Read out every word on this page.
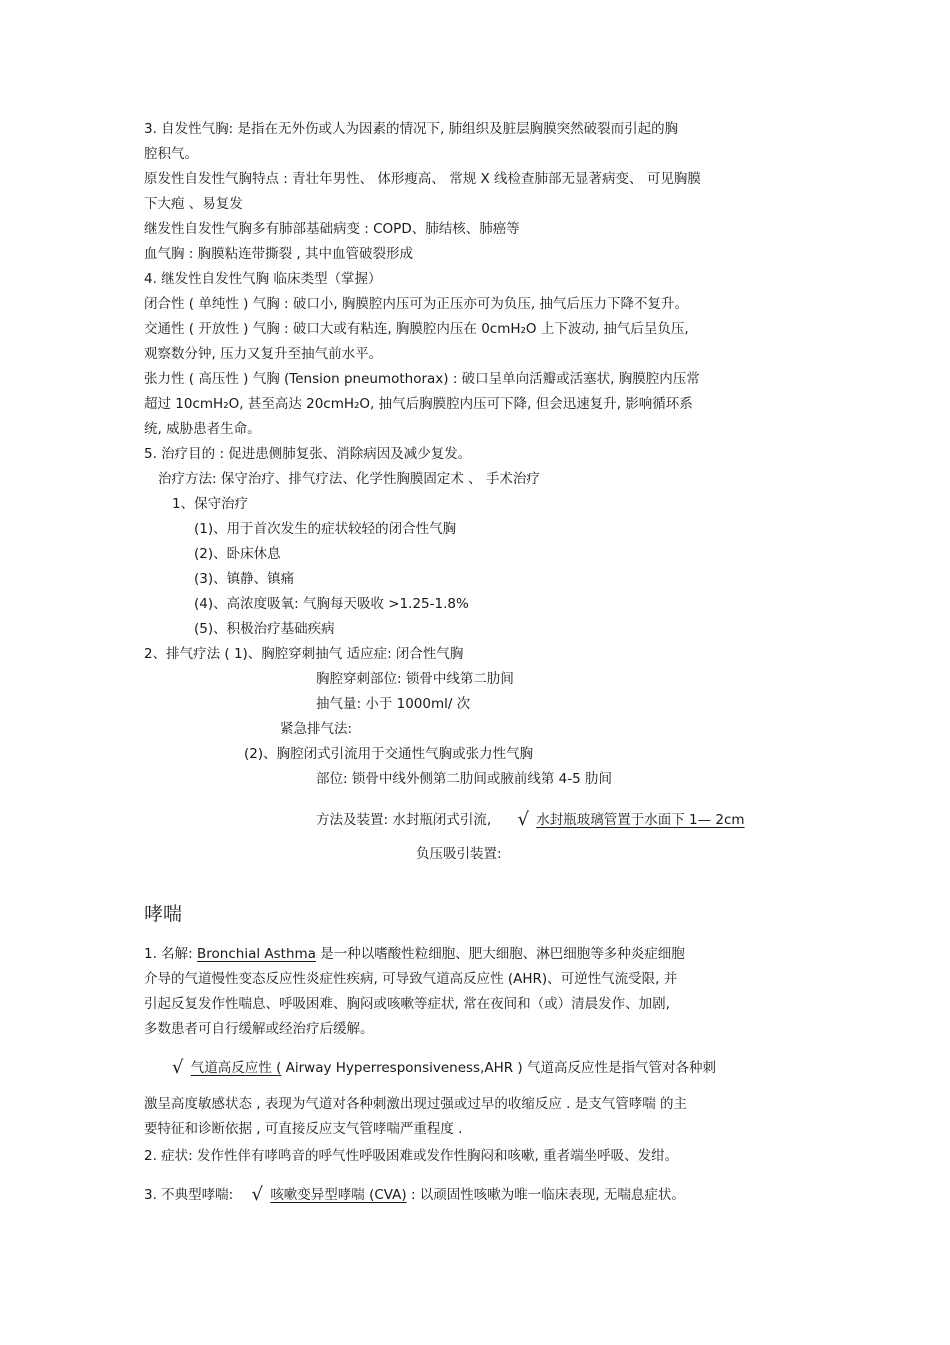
3. 自发性气胸: 是指在无外伤或人为因素的情况下, 肺组织及脏层胸膜突然破裂而引起的胸
腔积气。
原发性自发性气胸特点 : 青壮年男性、 体形瘦高、 常规 X 线检查肺部无显著病变、 可见胸膜
下大疱 、易复发
继发性自发性气胸多有肺部基础病变 : COPD、肺结核、肺癌等
血气胸 : 胸膜粘连带撕裂 , 其中血管破裂形成
4. 继发性自发性气胸 临床类型（掌握）
闭合性 ( 单纯性 ) 气胸 : 破口小, 胸膜腔内压可为正压亦可为负压, 抽气后压力下降不复升。
交通性 ( 开放性 ) 气胸 : 破口大或有粘连, 胸膜腔内压在 0cmH₂O 上下波动, 抽气后呈负压,
观察数分钟, 压力又复升至抽气前水平。
张力性 ( 高压性 ) 气胸 (Tension pneumothorax) : 破口呈单向活瓣或活塞状, 胸膜腔内压常
超过 10cmH₂O, 甚至高达 20cmH₂O, 抽气后胸膜腔内压可下降, 但会迅速复升, 影响循环系
统, 威胁患者生命。
5. 治疗目的 : 促进患侧肺复张、消除病因及减少复发。
治疗方法: 保守治疗、排气疗法、化学性胸膜固定术 、 手术治疗
1、保守治疗
(1)、用于首次发生的症状较轻的闭合性气胸
(2)、卧床休息
(3)、镇静、镇痛
(4)、高浓度吸氧: 气胸每天吸收 >1.25-1.8%
(5)、积极治疗基础疾病
2、排气疗法 ( 1)、胸腔穿刺抽气 适应症: 闭合性气胸
胸腔穿刺部位: 锁骨中线第二肋间
抽气量: 小于 1000ml/ 次
紧急排气法:
(2)、胸腔闭式引流用于交通性气胸或张力性气胸
部位: 锁骨中线外侧第二肋间或腋前线第 4-5 肋间
方法及装置: 水封瓶闭式引流, √ 水封瓶玻璃管置于水面下 1— 2cm
负压吸引装置:
哮喘
1. 名解: Bronchial Asthma 是一种以嗜酸性粒细胞、肥大细胞、淋巴细胞等多种炎症细胞
介导的气道慢性变态反应性炎症性疾病, 可导致气道高反应性 (AHR)、可逆性气流受限, 并
引起反复发作性喘息、呼吸困难、胸闷或咳嗽等症状, 常在夜间和（或）清晨发作、加剧,
多数患者可自行缓解或经治疗后缓解。
√ 气道高反应性 ( Airway Hyperresponsiveness,AHR ) 气道高反应性是指气管对各种刺
激呈高度敏感状态 , 表现为气道对各种刺激出现过强或过早的收缩反应 . 是支气管哮喘 的主
要特征和诊断依据 , 可直接反应支气管哮喘严重程度 .
2. 症状: 发作性伴有哮鸣音的呼气性呼吸困难或发作性胸闷和咳嗽, 重者端坐呼吸、发绀。
3. 不典型哮喘: √ 咳嗽变异型哮喘 (CVA) : 以顽固性咳嗽为唯一临床表现, 无喘息症状。
